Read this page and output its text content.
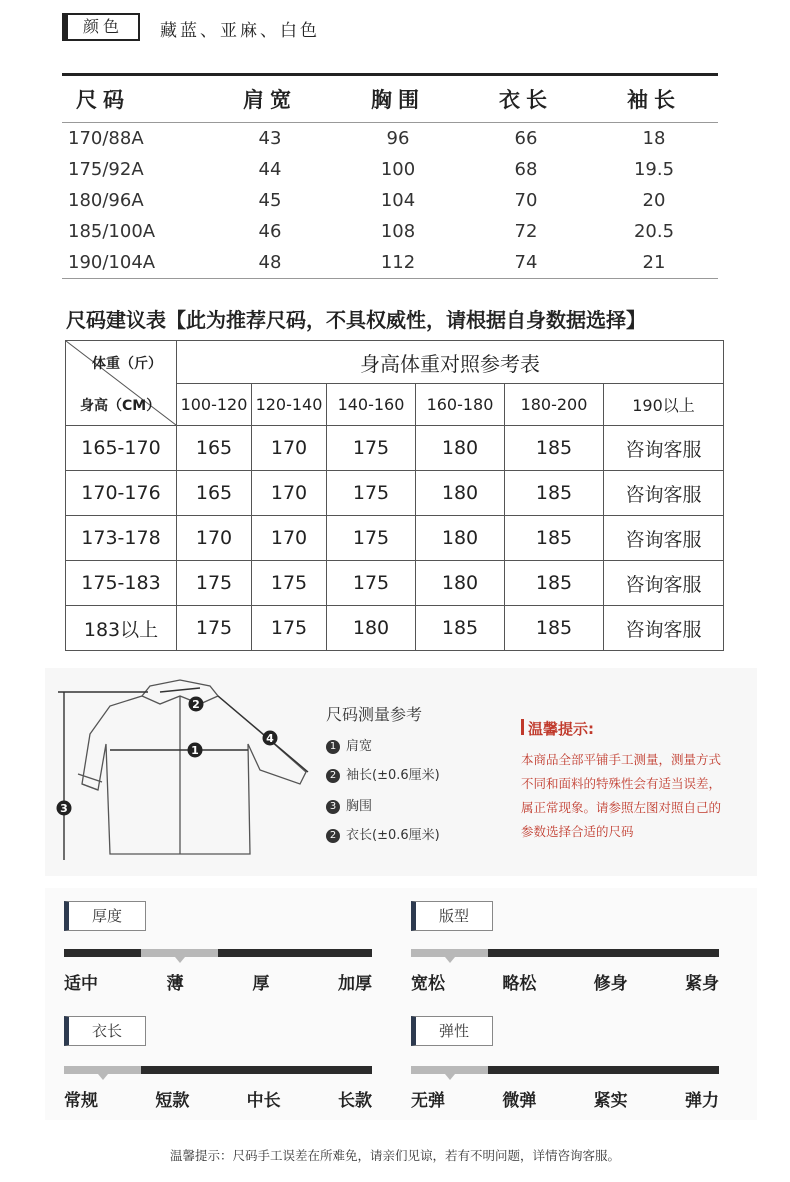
颜色	藏蓝、亚麻、白色
尺码	肩宽	胸围	衣长	袖长
170/88A	43	96	66	18
175/92A	44	100	68	19.5
180/96A	45	104	70	20
185/100A	46	108	72	20.5
190/104A	48	112	74	21
尺码建议表【此为推荐尺码，不具权威性，请根据自身数据选择】
体重（斤）
身高（CM）	身高体重对照参考表					
	100-120	120-140	140-160	160-180	180-200	190以上
165-170	165	170	175	180	185	咨询客服
170-176	165	170	175	180	185	咨询客服
173-178	170	170	175	180	185	咨询客服
175-183	175	175	175	180	185	咨询客服
183以上	175	175	180	185	185	咨询客服
1
2
3
4
尺码测量参考
1 肩宽
2 袖长(±0.6厘米)
3 胸围
2 衣长(±0.6厘米)
温馨提示:
本商品全部平铺手工测量，测量方式不同和面料的特殊性会有适当误差，属正常现象。请参照左图对照自己的参数选择合适的尺码
厚度
适中	薄	厚	加厚
版型
宽松	略松	修身	紧身
衣长
常规	短款	中长	长款
弹性
无弹	微弹	紧实	弹力
温馨提示：尺码手工误差在所难免，请亲们见谅，若有不明问题，详情咨询客服。
